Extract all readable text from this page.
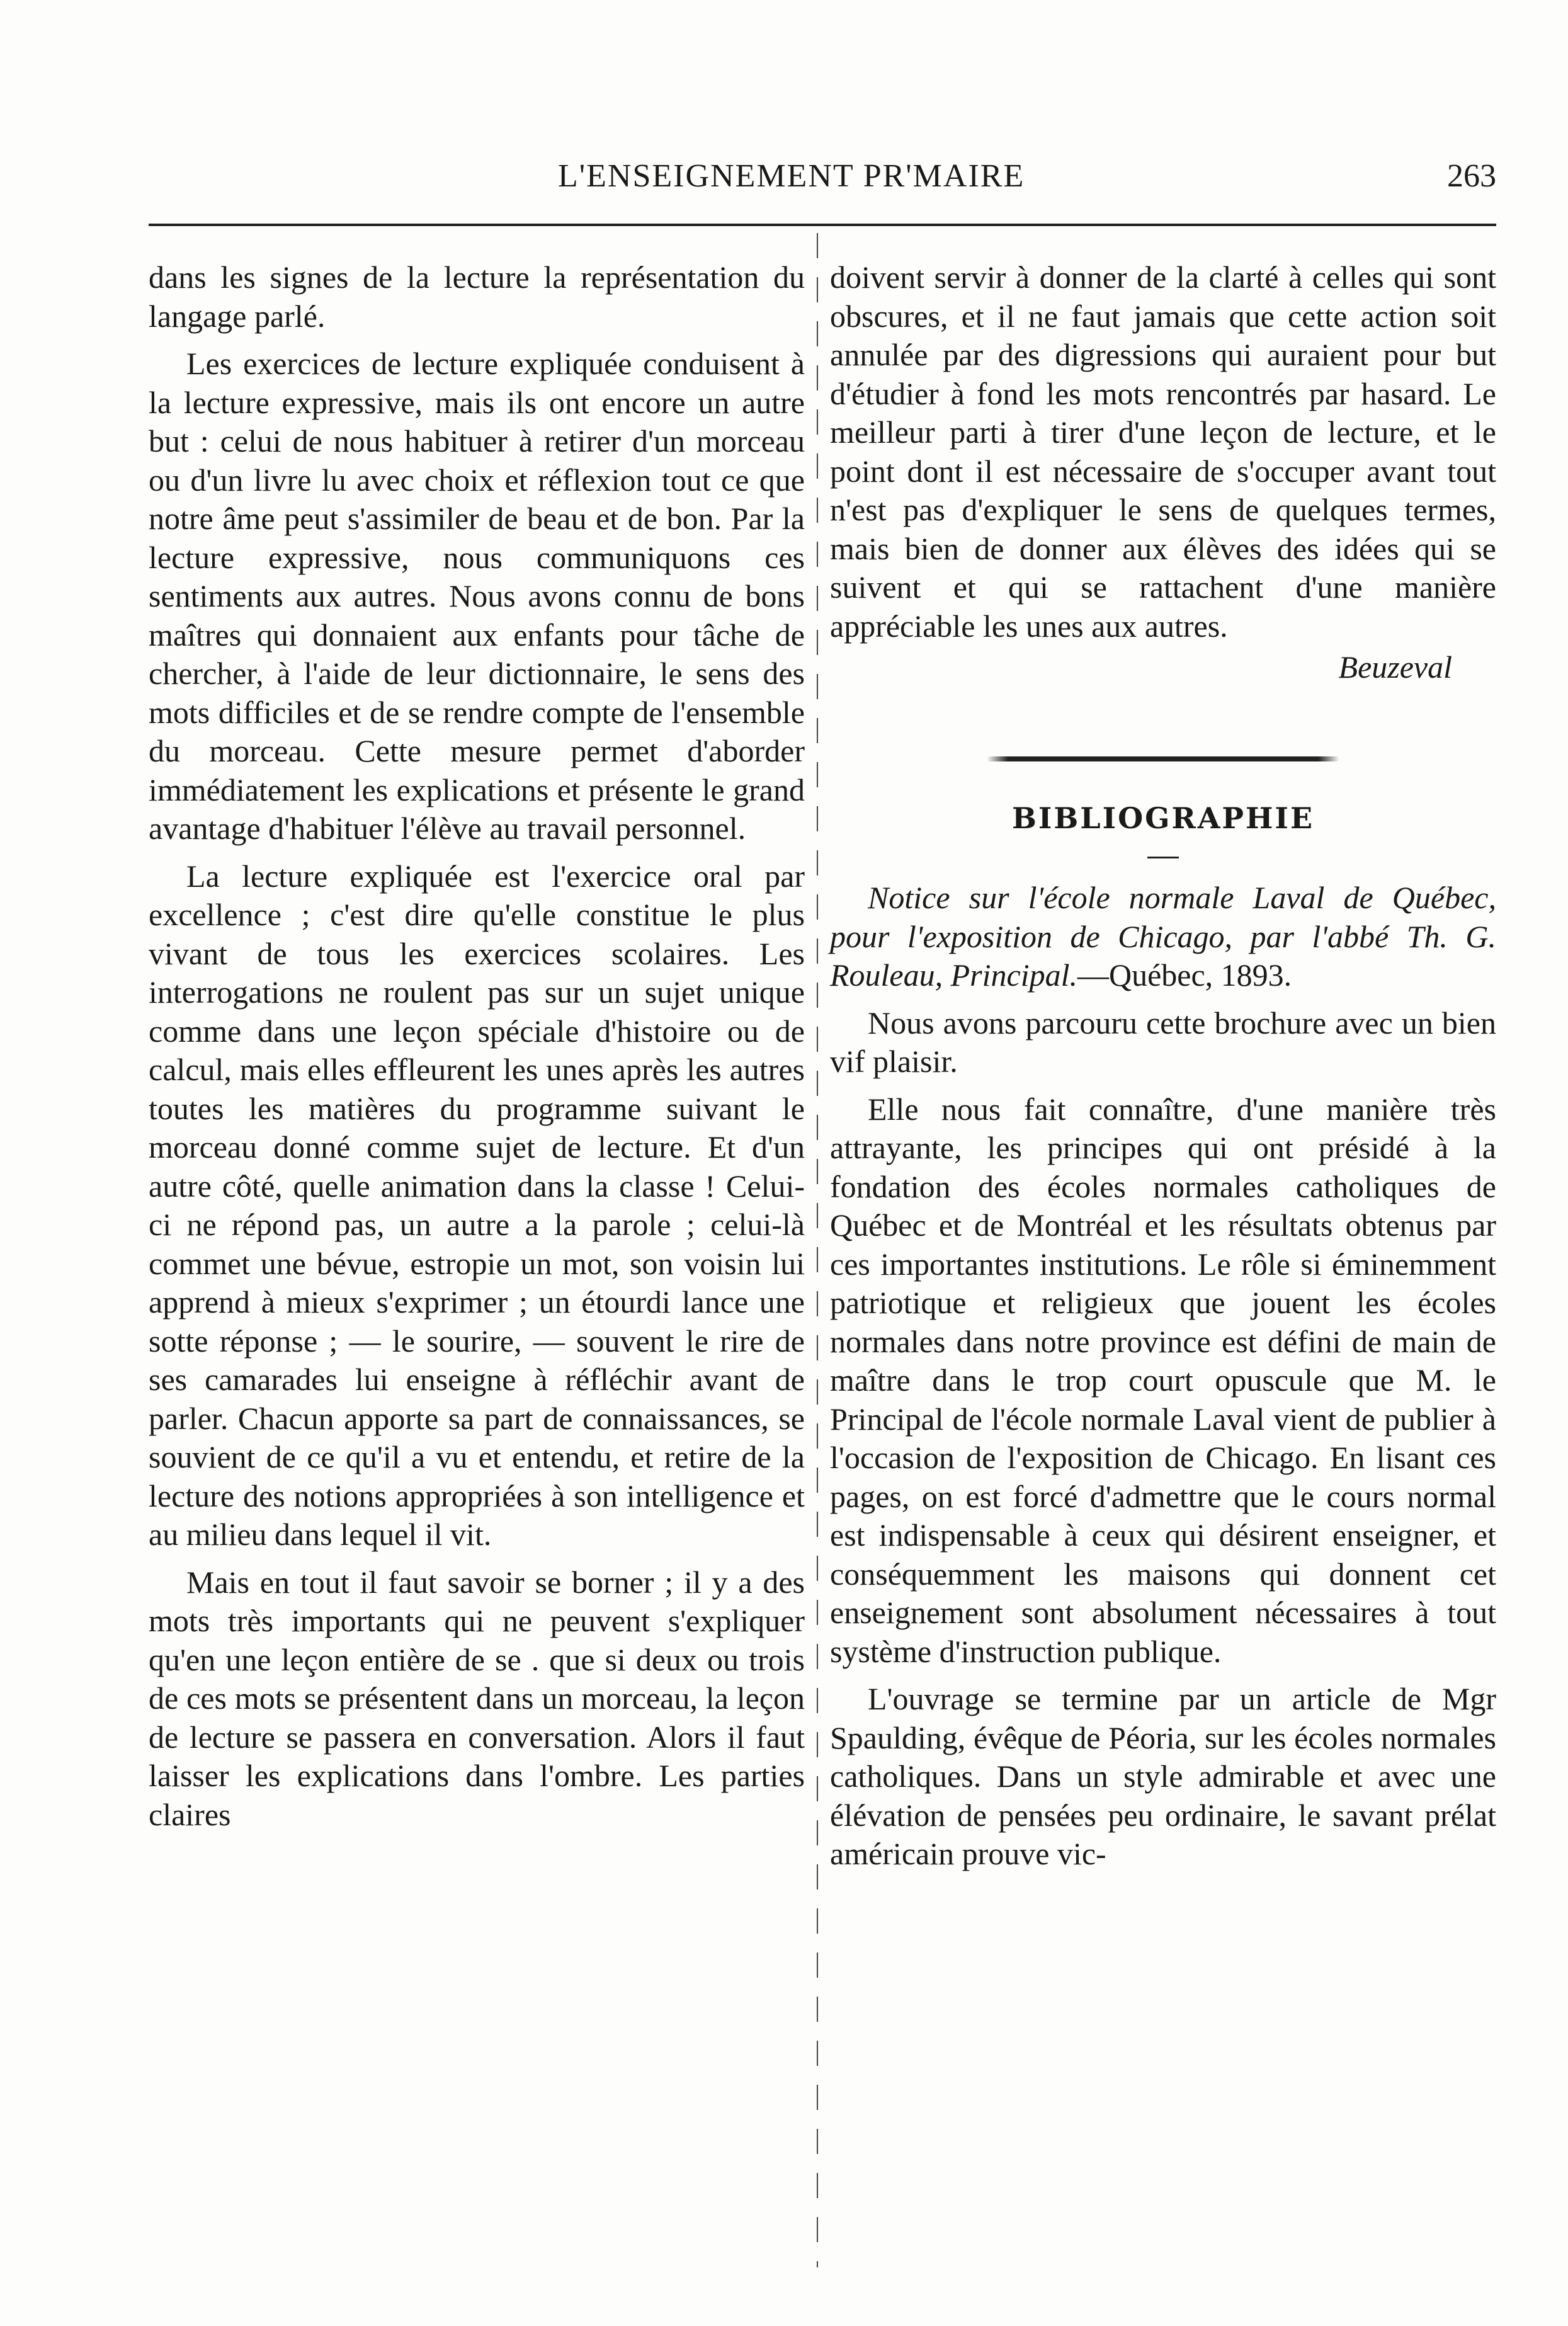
L'ENSEIGNEMENT PR'MAIRE	263

dans les signes de la lecture la représentation du langage parlé.

Les exercices de lecture expliquée conduisent à la lecture expressive, mais ils ont encore un autre but : celui de nous habituer à retirer d'un morceau ou d'un livre lu avec choix et réflexion tout ce que notre âme peut s'assimiler de beau et de bon. Par la lecture expressive, nous communiquons ces sentiments aux autres. Nous avons connu de bons maîtres qui donnaient aux enfants pour tâche de chercher, à l'aide de leur dictionnaire, le sens des mots difficiles et de se rendre compte de l'ensemble du morceau. Cette mesure permet d'aborder immédiatement les explications et présente le grand avantage d'habituer l'élève au travail personnel.

La lecture expliquée est l'exercice oral par excellence ; c'est dire qu'elle constitue le plus vivant de tous les exercices scolaires. Les interrogations ne roulent pas sur un sujet unique comme dans une leçon spéciale d'histoire ou de calcul, mais elles effleurent les unes après les autres toutes les matières du programme suivant le morceau donné comme sujet de lecture. Et d'un autre côté, quelle animation dans la classe ! Celui-ci ne répond pas, un autre a la parole ; celui-là commet une bévue, estropie un mot, son voisin lui apprend à mieux s'exprimer ; un étourdi lance une sotte réponse ; — le sourire, — souvent le rire de ses camarades lui enseigne à réfléchir avant de parler. Chacun apporte sa part de connaissances, se souvient de ce qu'il a vu et entendu, et retire de la lecture des notions appropriées à son intelligence et au milieu dans lequel il vit.

Mais en tout il faut savoir se borner ; il y a des mots très importants qui ne peuvent s'expliquer qu'en une leçon entière de se . que si deux ou trois de ces mots se présentent dans un morceau, la leçon de lecture se passera en conversation. Alors il faut laisser les explications dans l'ombre. Les parties claires

doivent servir à donner de la clarté à celles qui sont obscures, et il ne faut jamais que cette action soit annulée par des digressions qui auraient pour but d'étudier à fond les mots rencontrés par hasard. Le meilleur parti à tirer d'une leçon de lecture, et le point dont il est nécessaire de s'occuper avant tout n'est pas d'expliquer le sens de quelques termes, mais bien de donner aux élèves des idées qui se suivent et qui se rattachent d'une manière appréciable les unes aux autres.

Beuzeval

BIBLIOGRAPHIE

Notice sur l'école normale Laval de Québec, pour l'exposition de Chicago, par l'abbé Th. G. Rouleau, Principal.—Québec, 1893.

Nous avons parcouru cette brochure avec un bien vif plaisir.

Elle nous fait connaître, d'une manière très attrayante, les principes qui ont présidé à la fondation des écoles normales catholiques de Québec et de Montréal et les résultats obtenus par ces importantes institutions. Le rôle si éminemment patriotique et religieux que jouent les écoles normales dans notre province est défini de main de maître dans le trop court opuscule que M. le Principal de l'école normale Laval vient de publier à l'occasion de l'exposition de Chicago. En lisant ces pages, on est forcé d'admettre que le cours normal est indispensable à ceux qui désirent enseigner, et conséquemment les maisons qui donnent cet enseignement sont absolument nécessaires à tout système d'instruction publique.

L'ouvrage se termine par un article de Mgr Spaulding, évêque de Péoria, sur les écoles normales catholiques. Dans un style admirable et avec une élévation de pensées peu ordinaire, le savant prélat américain prouve vic-
